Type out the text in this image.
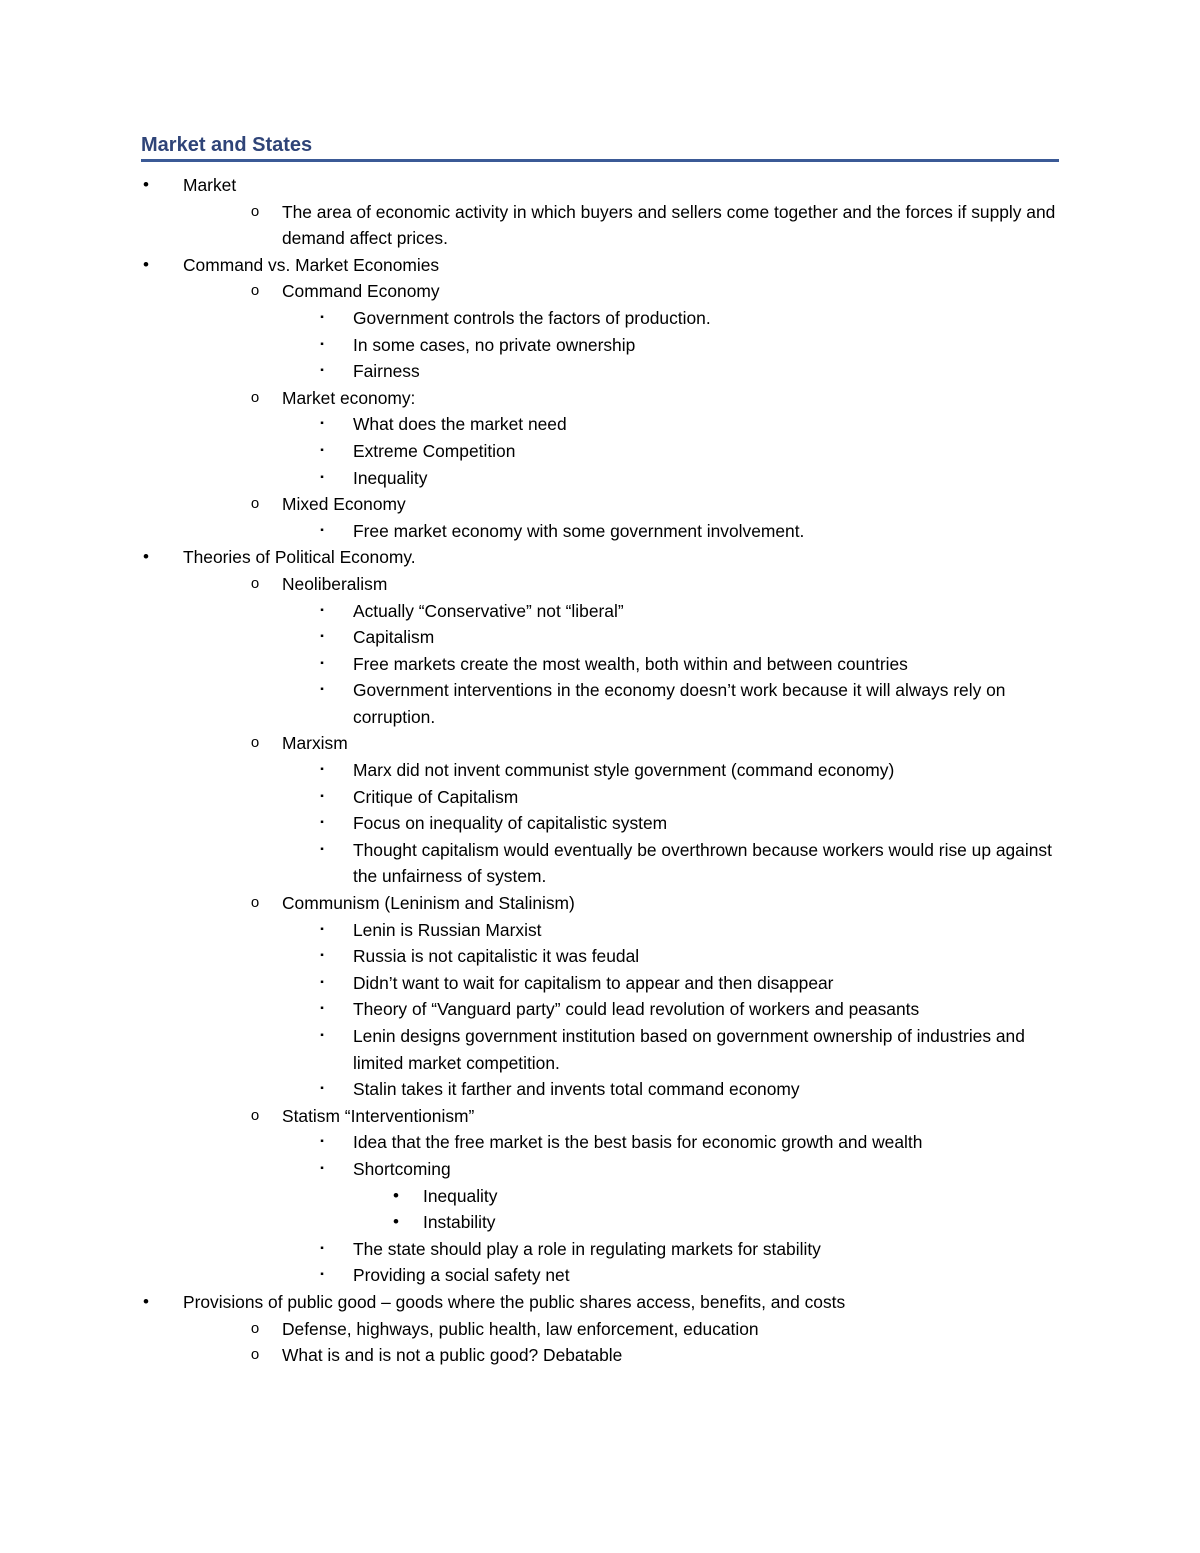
Market and States
•	Market
o	The area of economic activity in which buyers and sellers come together and the forces if supply and demand affect prices.
•	Command vs. Market Economies
o	Command Economy
▪	Government controls the factors of production.
▪	In some cases, no private ownership
▪	Fairness
o	Market economy:
▪	What does the market need
▪	Extreme Competition
▪	Inequality
o	Mixed Economy
▪	Free market economy with some government involvement.
•	Theories of Political Economy.
o	Neoliberalism
▪	Actually “Conservative” not “liberal”
▪	Capitalism
▪	Free markets create the most wealth, both within and between countries
▪	Government interventions in the economy doesn’t work because it will always rely on corruption.
o	Marxism
▪	Marx did not invent communist style government (command economy)
▪	Critique of Capitalism
▪	Focus on inequality of capitalistic system
▪	Thought capitalism would eventually be overthrown because workers would rise up against the unfairness of system.
o	Communism (Leninism and Stalinism)
▪	Lenin is Russian Marxist
▪	Russia is not capitalistic it was feudal
▪	Didn’t want to wait for capitalism to appear and then disappear
▪	Theory of “Vanguard party” could lead revolution of workers and peasants
▪	Lenin designs government institution based on government ownership of industries and limited market competition.
▪	Stalin takes it farther and invents total command economy
o	Statism “Interventionism”
▪	Idea that the free market is the best basis for economic growth and wealth
▪	Shortcoming
•	Inequality
•	Instability
▪	The state should play a role in regulating markets for stability
▪	Providing a social safety net
•	Provisions of public good – goods where the public shares access, benefits, and costs
o	Defense, highways, public health, law enforcement, education
o	What is and is not a public good? Debatable
